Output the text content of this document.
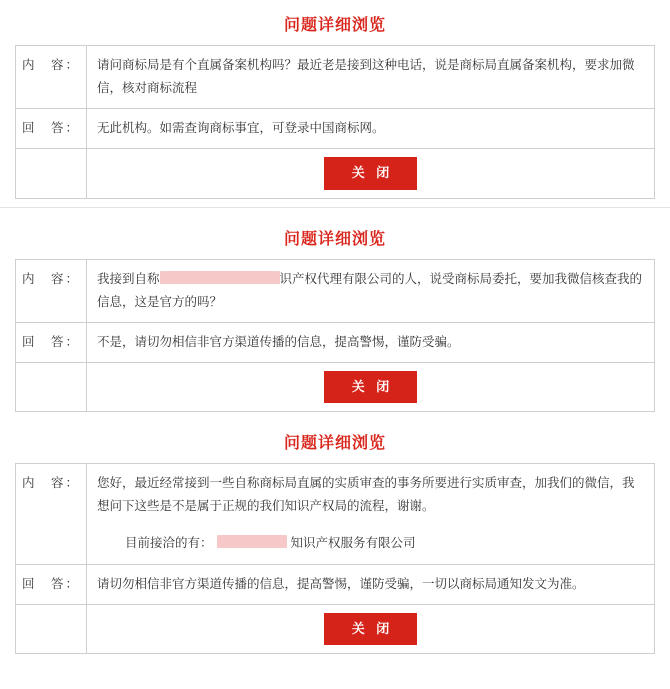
问题详细浏览
内　容：	请问商标局是有个直属备案机构吗？最近老是接到这种电话，说是商标局直属备案机构，要求加微信，核对商标流程

回　答：	无此机构。如需查询商标事宜，可登录中国商标网。
	关 闭
问题详细浏览
内　容：	我接到自称 识产权代理有限公司的人，说受商标局委托，要加我微信核查我的信息，这是官方的吗？

回　答：	不是，请切勿相信非官方渠道传播的信息，提高警惕，谨防受骗。
	关 闭
问题详细浏览
内　容：	您好，最近经常接到一些自称商标局直属的实质审查的事务所要进行实质审查，加我们的微信，我想问下这些是不是属于正规的我们知识产权局的流程，谢谢。

目前接洽的有： 知识产权服务有限公司

回　答：	请切勿相信非官方渠道传播的信息，提高警惕，谨防受骗，一切以商标局通知发文为准。
	关 闭
